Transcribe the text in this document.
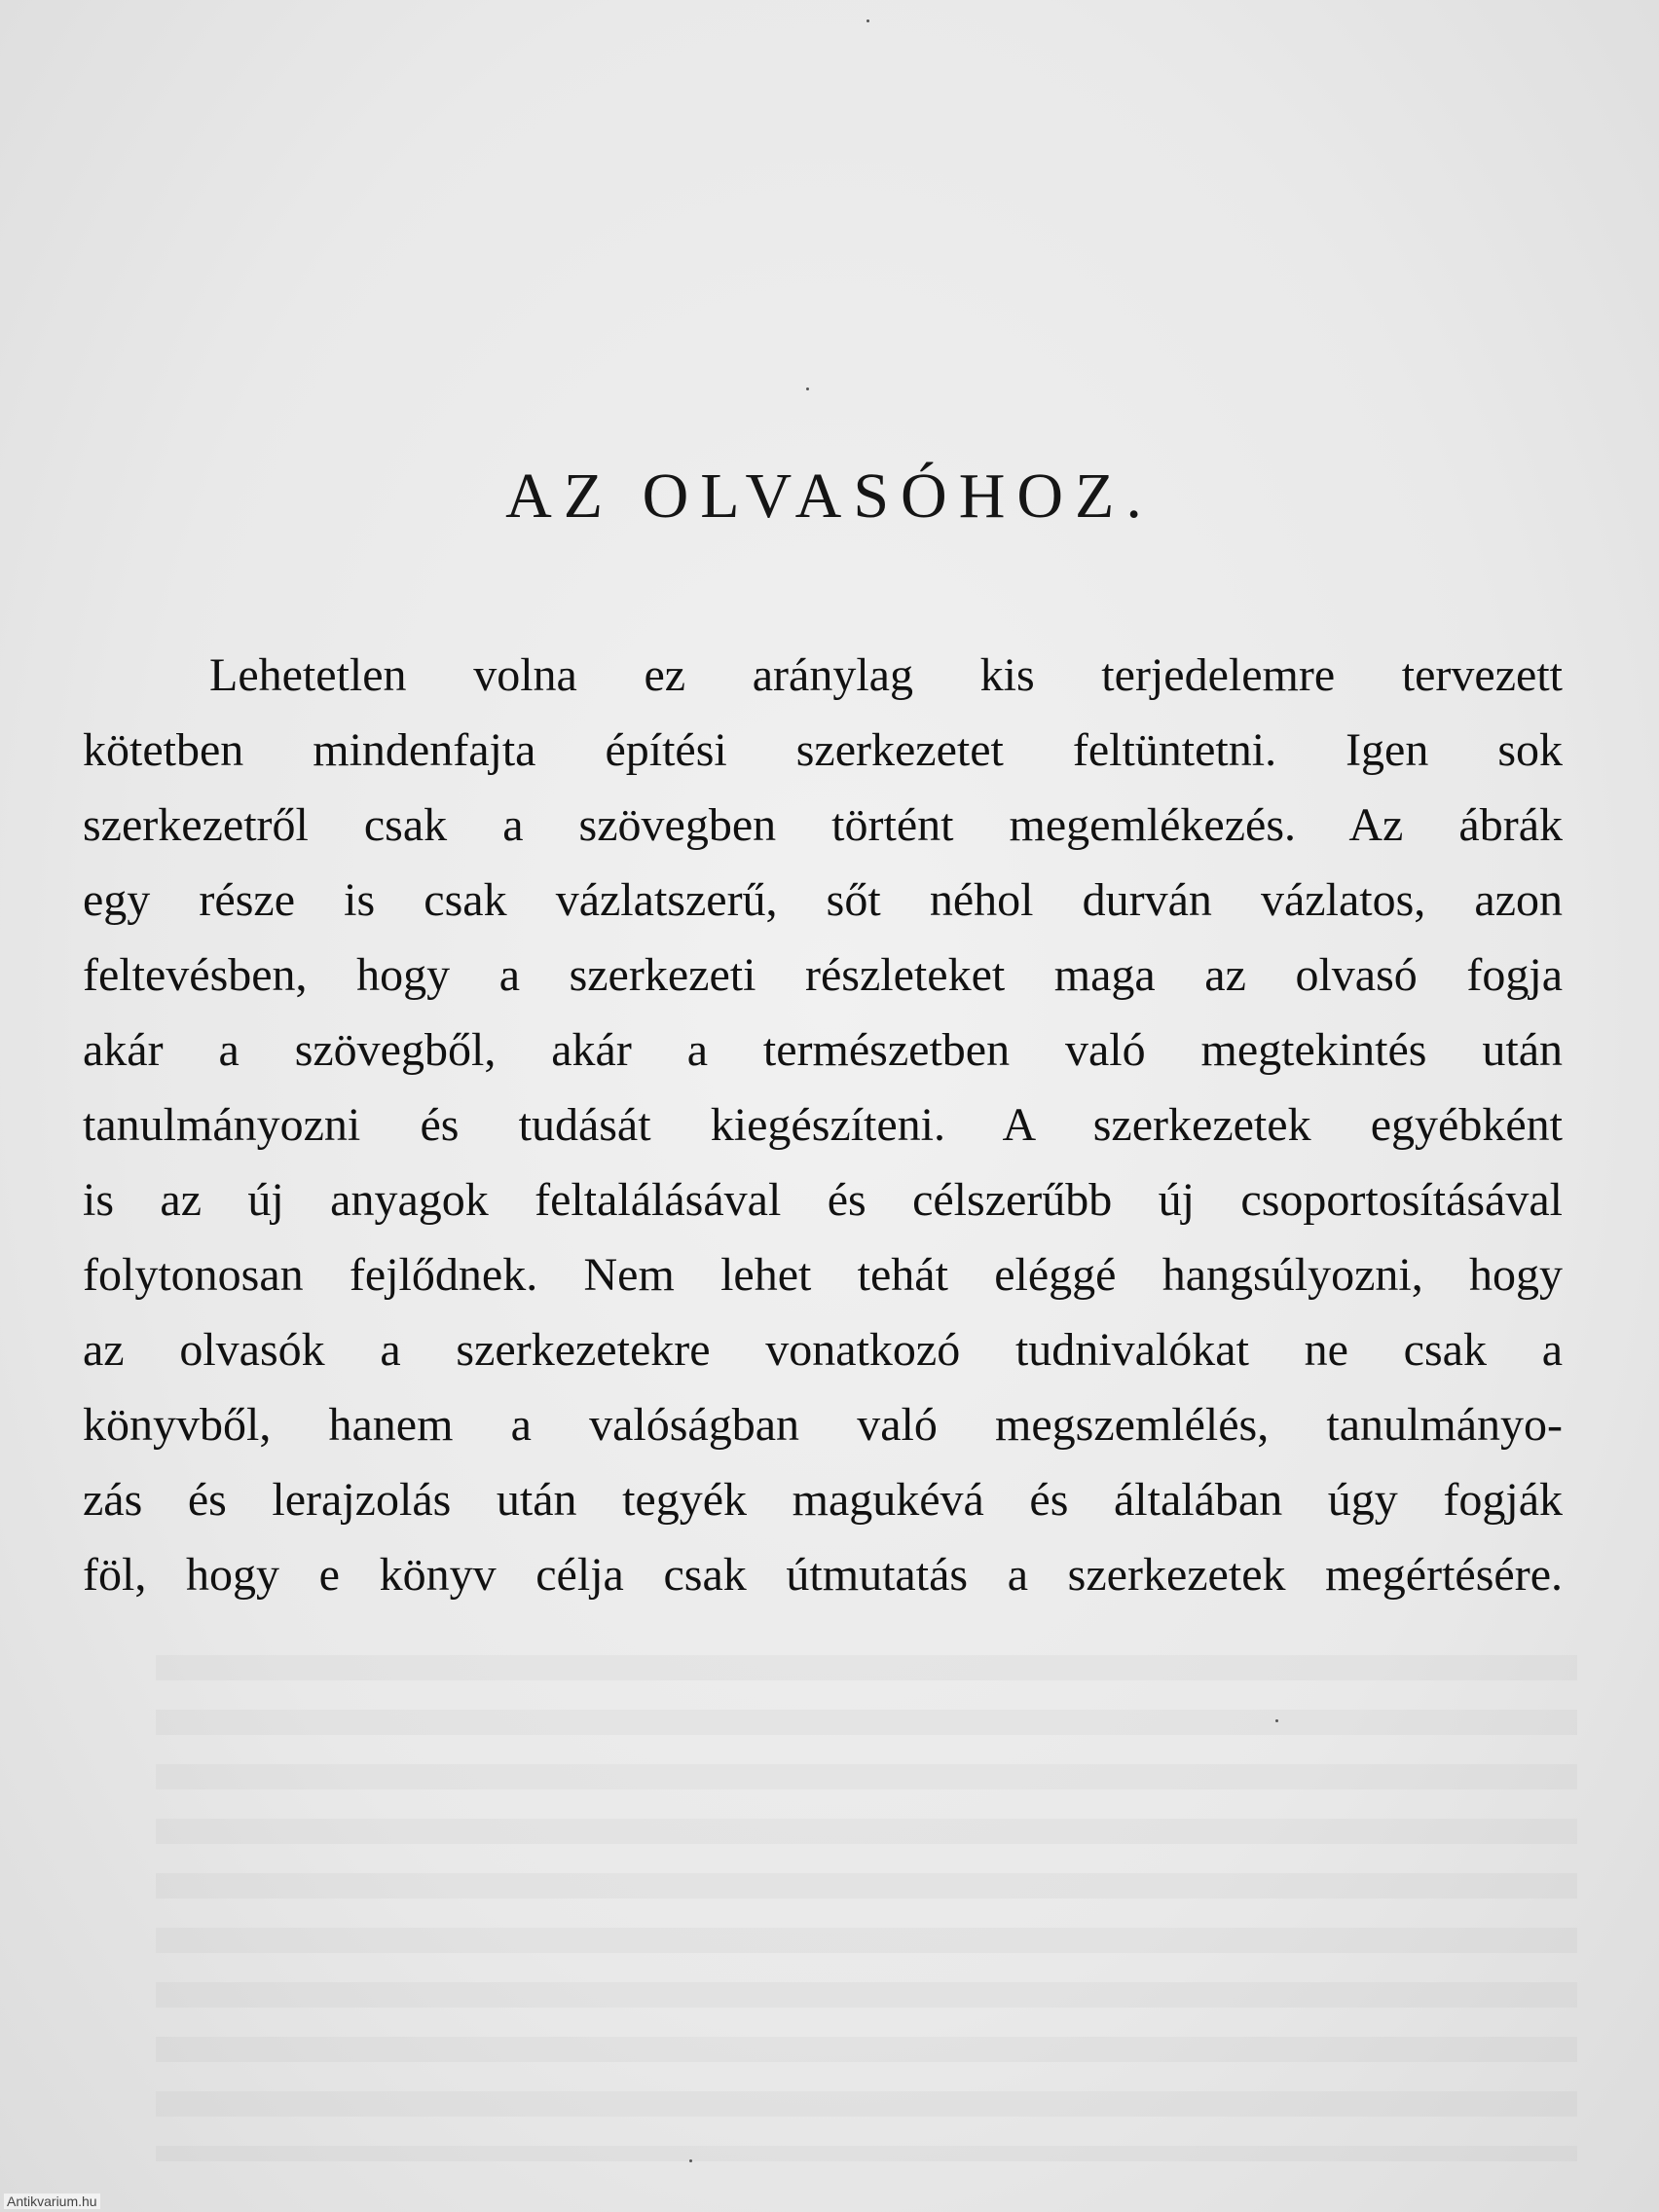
AZ OLVASÓHOZ.
Lehetetlen volna ez aránylag kis terjedelemre tervezett
kötetben mindenfajta építési szerkezetet feltüntetni. Igen sok
szerkezetről csak a szövegben történt megemlékezés. Az ábrák
egy része is csak vázlatszerű, sőt néhol durván vázlatos, azon
feltevésben, hogy a szerkezeti részleteket maga az olvasó fogja
akár a szövegből, akár a természetben való megtekintés után
tanulmányozni és tudását kiegészíteni. A szerkezetek egyébként
is az új anyagok feltalálásával és célszerűbb új csoportosításával
folytonosan fejlődnek. Nem lehet tehát eléggé hangsúlyozni, hogy
az olvasók a szerkezetekre vonatkozó tudnivalókat ne csak a
könyvből, hanem a valóságban való megszemlélés, tanulmányo-
zás és lerajzolás után tegyék magukévá és általában úgy fogják
föl, hogy e könyv célja csak útmutatás a szerkezetek megértésére.
Antikvarium.hu
